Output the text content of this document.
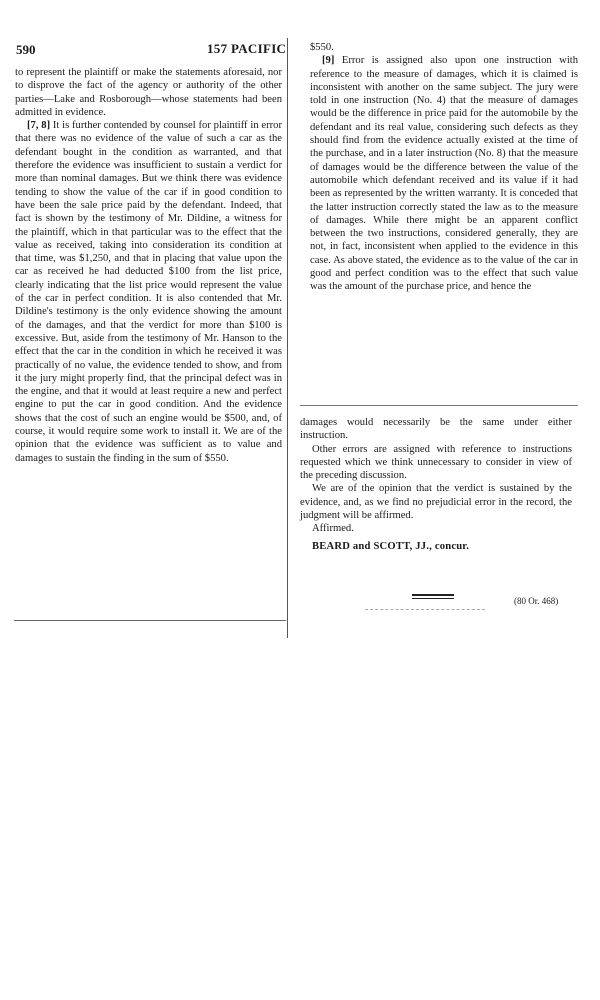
590	157 PACIFIC

to represent the plaintiff or make the statements aforesaid, nor to disprove the fact of the agency or authority of the other parties—Lake and Rosborough—whose statements had been admitted in evidence.

[7, 8] It is further contended by counsel for plaintiff in error that there was no evidence of the value of such a car as the defendant bought in the condition as warranted, and that therefore the evidence was insufficient to sustain a verdict for more than nominal damages. But we think there was evidence tending to show the value of the car if in good condition to have been the sale price paid by the defendant. Indeed, that fact is shown by the testimony of Mr. Dildine, a witness for the plaintiff, which in that particular was to the effect that the value as received, taking into consideration its condition at that time, was $1,250, and that in placing that value upon the car as received he had deducted $100 from the list price, clearly indicating that the list price would represent the value of the car in perfect condition. It is also contended that Mr. Dildine's testimony is the only evidence showing the amount of the damages, and that the verdict for more than $100 is excessive. But, aside from the testimony of Mr. Hanson to the effect that the car in the condition in which he received it was practically of no value, the evidence tended to show, and from it the jury might properly find, that the principal defect was in the engine, and that it would at least require a new and perfect engine to put the car in good condition. And the evidence shows that the cost of such an engine would be $500, and, of course, it would require some work to install it. We are of the opinion that the evidence was sufficient as to value and damages to sustain the finding in the sum of $550.

$550.

[9] Error is assigned also upon one instruction with reference to the measure of damages, which it is claimed is inconsistent with another on the same subject. The jury were told in one instruction (No. 4) that the measure of damages would be the difference in price paid for the automobile by the defendant and its real value, considering such defects as they should find from the evidence actually existed at the time of the purchase, and in a later instruction (No. 8) that the measure of damages would be the difference between the value of the automobile which defendant received and its value if it had been as represented by the written warranty. It is conceded that the latter instruction correctly stated the law as to the measure of damages. While there might be an apparent conflict between the two instructions, considered generally, they are not, in fact, inconsistent when applied to the evidence in this case. As above stated, the evidence as to the value of the car in good and perfect condition was to the effect that such value was the amount of the purchase price, and hence the

damages would necessarily be the same under either instruction.

Other errors are assigned with reference to instructions requested which we think unnecessary to consider in view of the preceding discussion.

We are of the opinion that the verdict is sustained by the evidence, and, as we find no prejudicial error in the record, the judgment will be affirmed.

Affirmed.

BEARD and SCOTT, JJ., concur.

(80 Or. 468)
